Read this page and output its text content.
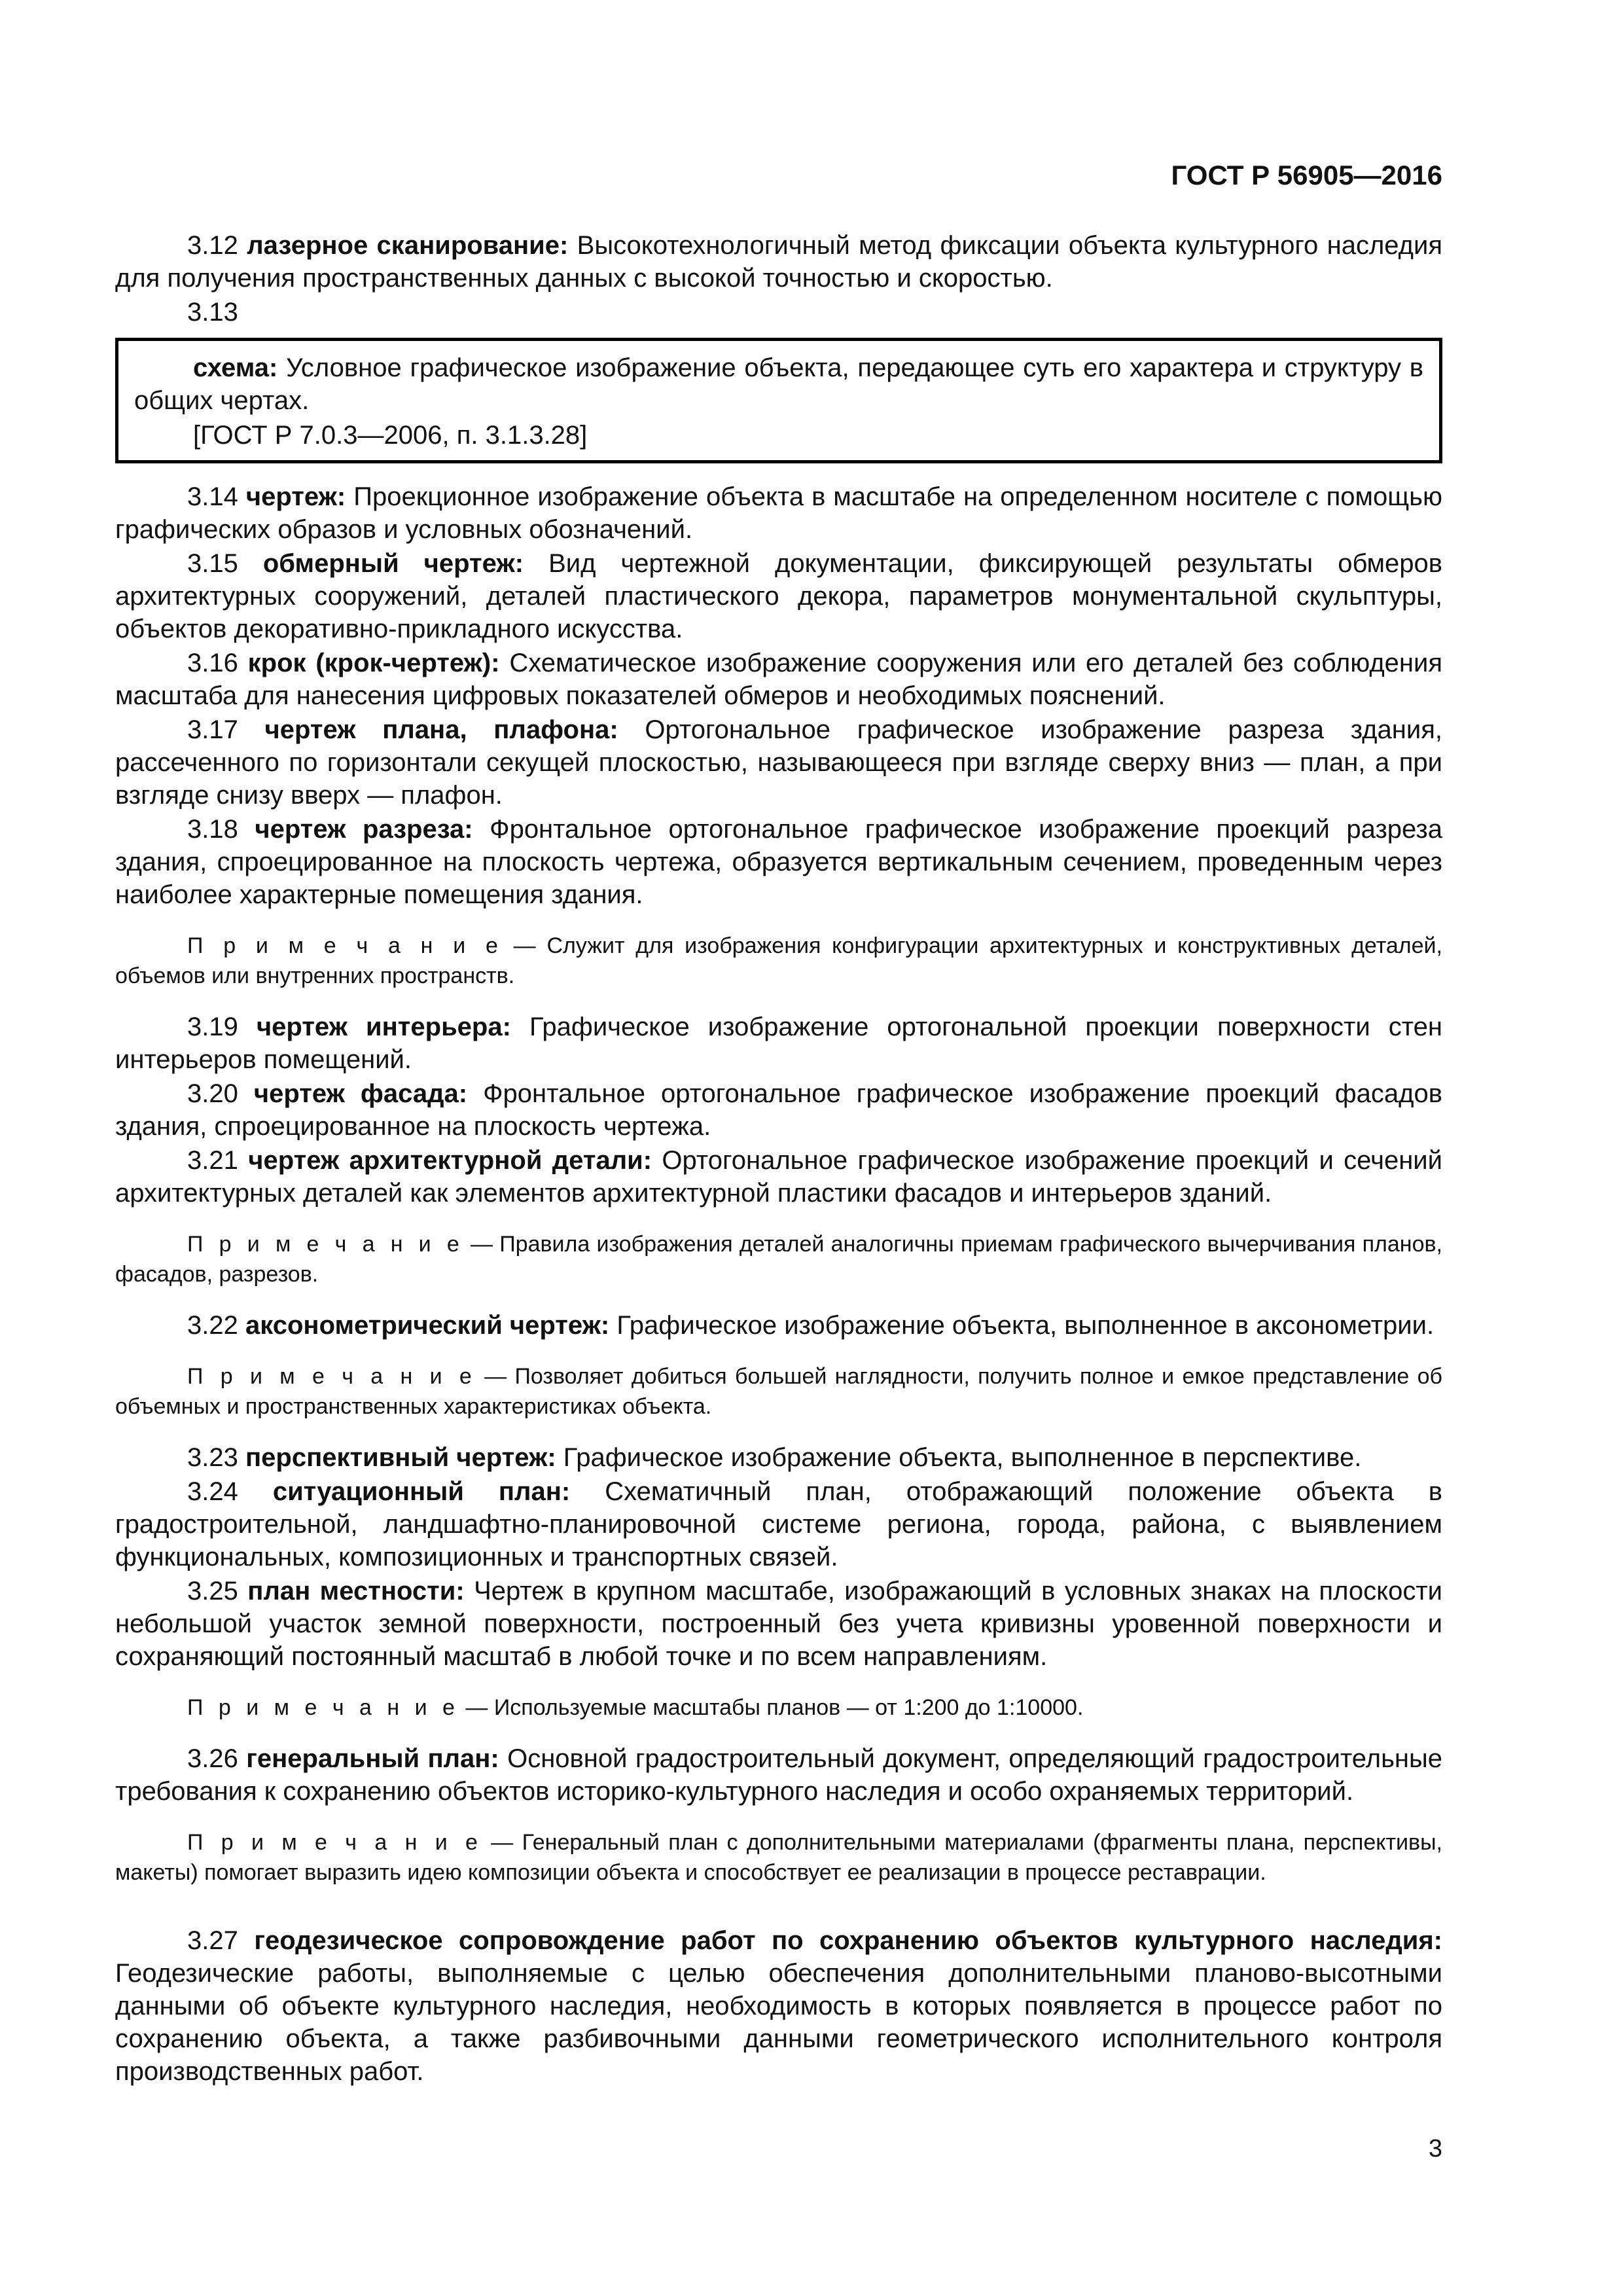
ГОСТ Р 56905—2016

3.12 лазерное сканирование: Высокотехнологичный метод фиксации объекта культурного наследия для получения пространственных данных с высокой точностью и скоростью.

3.13

схема: Условное графическое изображение объекта, передающее суть его характера и структуру в общих чертах.

[ГОСТ Р 7.0.3—2006, п. 3.1.3.28]

3.14 чертеж: Проекционное изображение объекта в масштабе на определенном носителе с помощью графических образов и условных обозначений.

3.15 обмерный чертеж: Вид чертежной документации, фиксирующей результаты обмеров архитектурных сооружений, деталей пластического декора, параметров монументальной скульптуры, объектов декоративно-прикладного искусства.

3.16 крок (крок-чертеж): Схематическое изображение сооружения или его деталей без соблюдения масштаба для нанесения цифровых показателей обмеров и необходимых пояснений.

3.17 чертеж плана, плафона: Ортогональное графическое изображение разреза здания, рассеченного по горизонтали секущей плоскостью, называющееся при взгляде сверху вниз — план, а при взгляде снизу вверх — плафон.

3.18 чертеж разреза: Фронтальное ортогональное графическое изображение проекций разреза здания, спроецированное на плоскость чертежа, образуется вертикальным сечением, проведенным через наиболее характерные помещения здания.

П р и м е ч а н и е — Служит для изображения конфигурации архитектурных и конструктивных деталей, объемов или внутренних пространств.

3.19 чертеж интерьера: Графическое изображение ортогональной проекции поверхности стен интерьеров помещений.

3.20 чертеж фасада: Фронтальное ортогональное графическое изображение проекций фасадов здания, спроецированное на плоскость чертежа.

3.21 чертеж архитектурной детали: Ортогональное графическое изображение проекций и сечений архитектурных деталей как элементов архитектурной пластики фасадов и интерьеров зданий.

П р и м е ч а н и е — Правила изображения деталей аналогичны приемам графического вычерчивания планов, фасадов, разрезов.

3.22 аксонометрический чертеж: Графическое изображение объекта, выполненное в аксонометрии.

П р и м е ч а н и е — Позволяет добиться большей наглядности, получить полное и емкое представление об объемных и пространственных характеристиках объекта.

3.23 перспективный чертеж: Графическое изображение объекта, выполненное в перспективе.

3.24 ситуационный план: Схематичный план, отображающий положение объекта в градостроительной, ландшафтно-планировочной системе региона, города, района, с выявлением функциональных, композиционных и транспортных связей.

3.25 план местности: Чертеж в крупном масштабе, изображающий в условных знаках на плоскости небольшой участок земной поверхности, построенный без учета кривизны уровенной поверхности и сохраняющий постоянный масштаб в любой точке и по всем направлениям.

П р и м е ч а н и е — Используемые масштабы планов — от 1:200 до 1:10000.

3.26 генеральный план: Основной градостроительный документ, определяющий градостроительные требования к сохранению объектов историко-культурного наследия и особо охраняемых территорий.

П р и м е ч а н и е — Генеральный план с дополнительными материалами (фрагменты плана, перспективы, макеты) помогает выразить идею композиции объекта и способствует ее реализации в процессе реставрации.

3.27 геодезическое сопровождение работ по сохранению объектов культурного наследия: Геодезические работы, выполняемые с целью обеспечения дополнительными планово-высотными данными об объекте культурного наследия, необходимость в которых появляется в процессе работ по сохранению объекта, а также разбивочными данными геометрического исполнительного контроля производственных работ.

3
